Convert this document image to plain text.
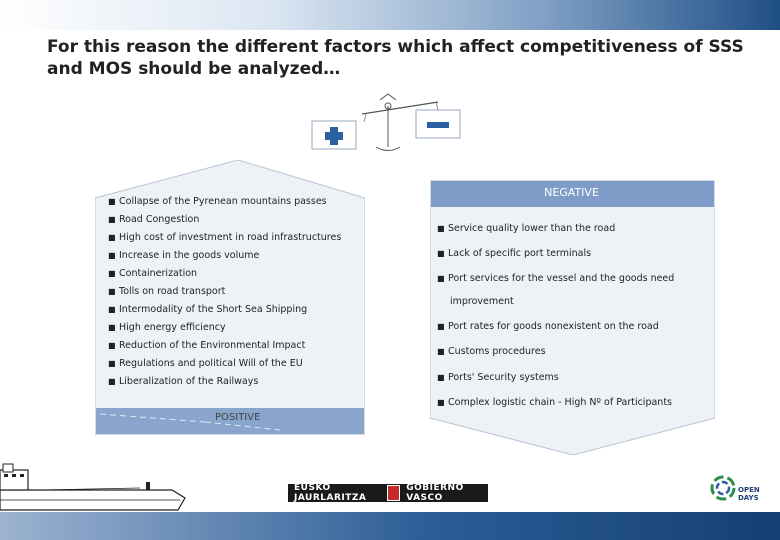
For this reason the different factors which affect competitiveness of SSS and MOS should be analyzed…
POSITIVE
■ Collapse of the Pyrenean mountains passes
■ Road Congestion
■ High cost of investment in road infrastructures
■ Increase in the goods volume
■ Containerization
■ Tolls on road transport
■ Intermodality of the Short Sea Shipping
■ High energy efficiency
■ Reduction of the Environmental Impact
■ Regulations and political Will of the EU
■ Liberalization of the Railways
NEGATIVE
■ Service quality lower than the road
■ Lack of specific port terminals
■ Port services for the vessel and the goods need
improvement
■ Port rates for goods nonexistent on the road
■ Customs procedures
■ Ports' Security systems
■ Complex logistic chain - High Nº of Participants
EUSKO JAURLARITZA
GOBIERNO VASCO
OPEN
DAYS
